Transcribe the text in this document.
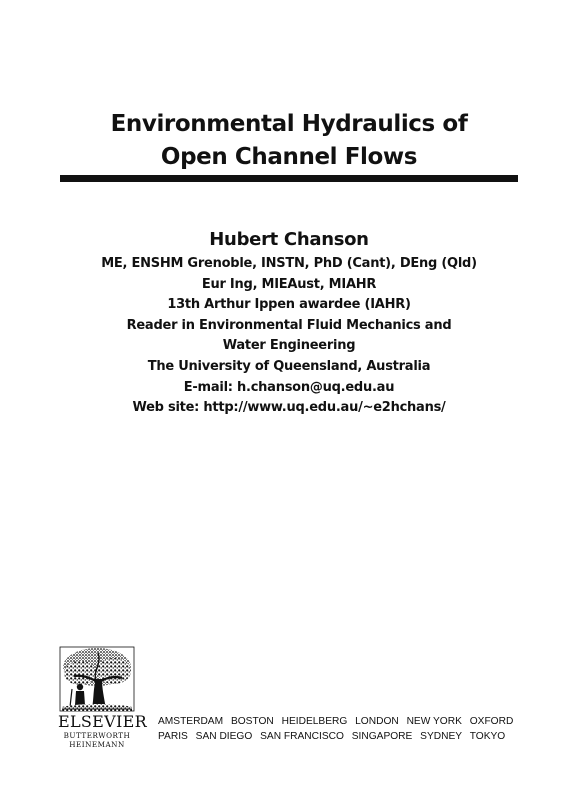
Environmental Hydraulics of
Open Channel Flows
Hubert Chanson
ME, ENSHM Grenoble, INSTN, PhD (Cant), DEng (Qld)
Eur Ing, MIEAust, MIAHR
13th Arthur Ippen awardee (IAHR)
Reader in Environmental Fluid Mechanics and
Water Engineering
The University of Queensland, Australia
E-mail: h.chanson@uq.edu.au
Web site: http://www.uq.edu.au/~e2hchans/
ELSEVIER
BUTTERWORTH
HEINEMANN
AMSTERDAM BOSTON HEIDELBERG LONDON NEW YORK OXFORD
PARIS SAN DIEGO SAN FRANCISCO SINGAPORE SYDNEY TOKYO
